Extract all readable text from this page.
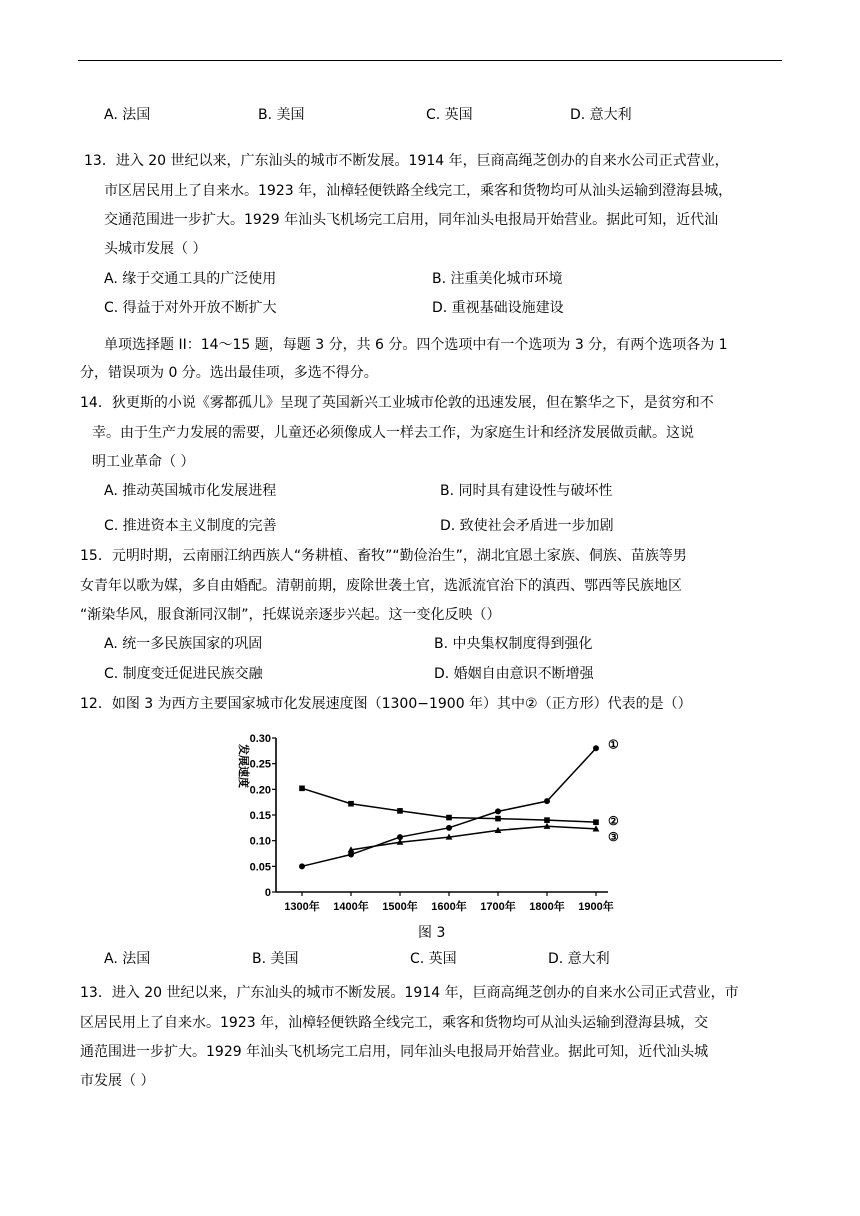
A. 法国	B. 美国	C. 英国	D. 意大利
13．进入 20 世纪以来，广东汕头的城市不断发展。1914 年，巨商高绳芝创办的自来水公司正式营业，
市区居民用上了自来水。1923 年，汕樟轻便铁路全线完工，乘客和货物均可从汕头运输到澄海县城，
交通范围进一步扩大。1929 年汕头飞机场完工启用，同年汕头电报局开始营业。据此可知，近代汕
头城市发展（ ）
A. 缘于交通工具的广泛使用	B. 注重美化城市环境
C. 得益于对外开放不断扩大	D. 重视基础设施建设
单项选择题 II：14～15 题，每题 3 分，共 6 分。四个选项中有一个选项为 3 分，有两个选项各为 1
分，错误项为 0 分。选出最佳项，多选不得分。
14．狄更斯的小说《雾都孤儿》呈现了英国新兴工业城市伦敦的迅速发展，但在繁华之下，是贫穷和不
幸。由于生产力发展的需要，儿童还必须像成人一样去工作，为家庭生计和经济发展做贡献。这说
明工业革命（ ）
A. 推动英国城市化发展进程	B. 同时具有建设性与破坏性
C. 推进资本主义制度的完善	D. 致使社会矛盾进一步加剧
15．元明时期，云南丽江纳西族人“务耕植、畜牧”“勤俭治生”，湖北宜恩土家族、侗族、苗族等男
女青年以歌为媒，多自由婚配。清朝前期，废除世袭土官，选派流官治下的滇西、鄂西等民族地区
“渐染华风，服食渐同汉制”，托媒说亲逐步兴起。这一变化反映（）
A. 统一多民族国家的巩固	B. 中央集权制度得到强化
C. 制度变迁促进民族交融	D. 婚姻自由意识不断增强
12．如图 3 为西方主要国家城市化发展速度图（1300−1900 年）其中②（正方形）代表的是（）
0
0.05
0.10
0.15
0.20
0.25
0.30
1300年 1400年 1500年 1600年 1700年 1800年 1900年
①
②
③
发展速度
图 3
A. 法国	B. 美国	C. 英国	D. 意大利
13．进入 20 世纪以来，广东汕头的城市不断发展。1914 年，巨商高绳芝创办的自来水公司正式营业，市
区居民用上了自来水。1923 年，汕樟轻便铁路全线完工，乘客和货物均可从汕头运输到澄海县城，交
通范围进一步扩大。1929 年汕头飞机场完工启用，同年汕头电报局开始营业。据此可知，近代汕头城
市发展（ ）
